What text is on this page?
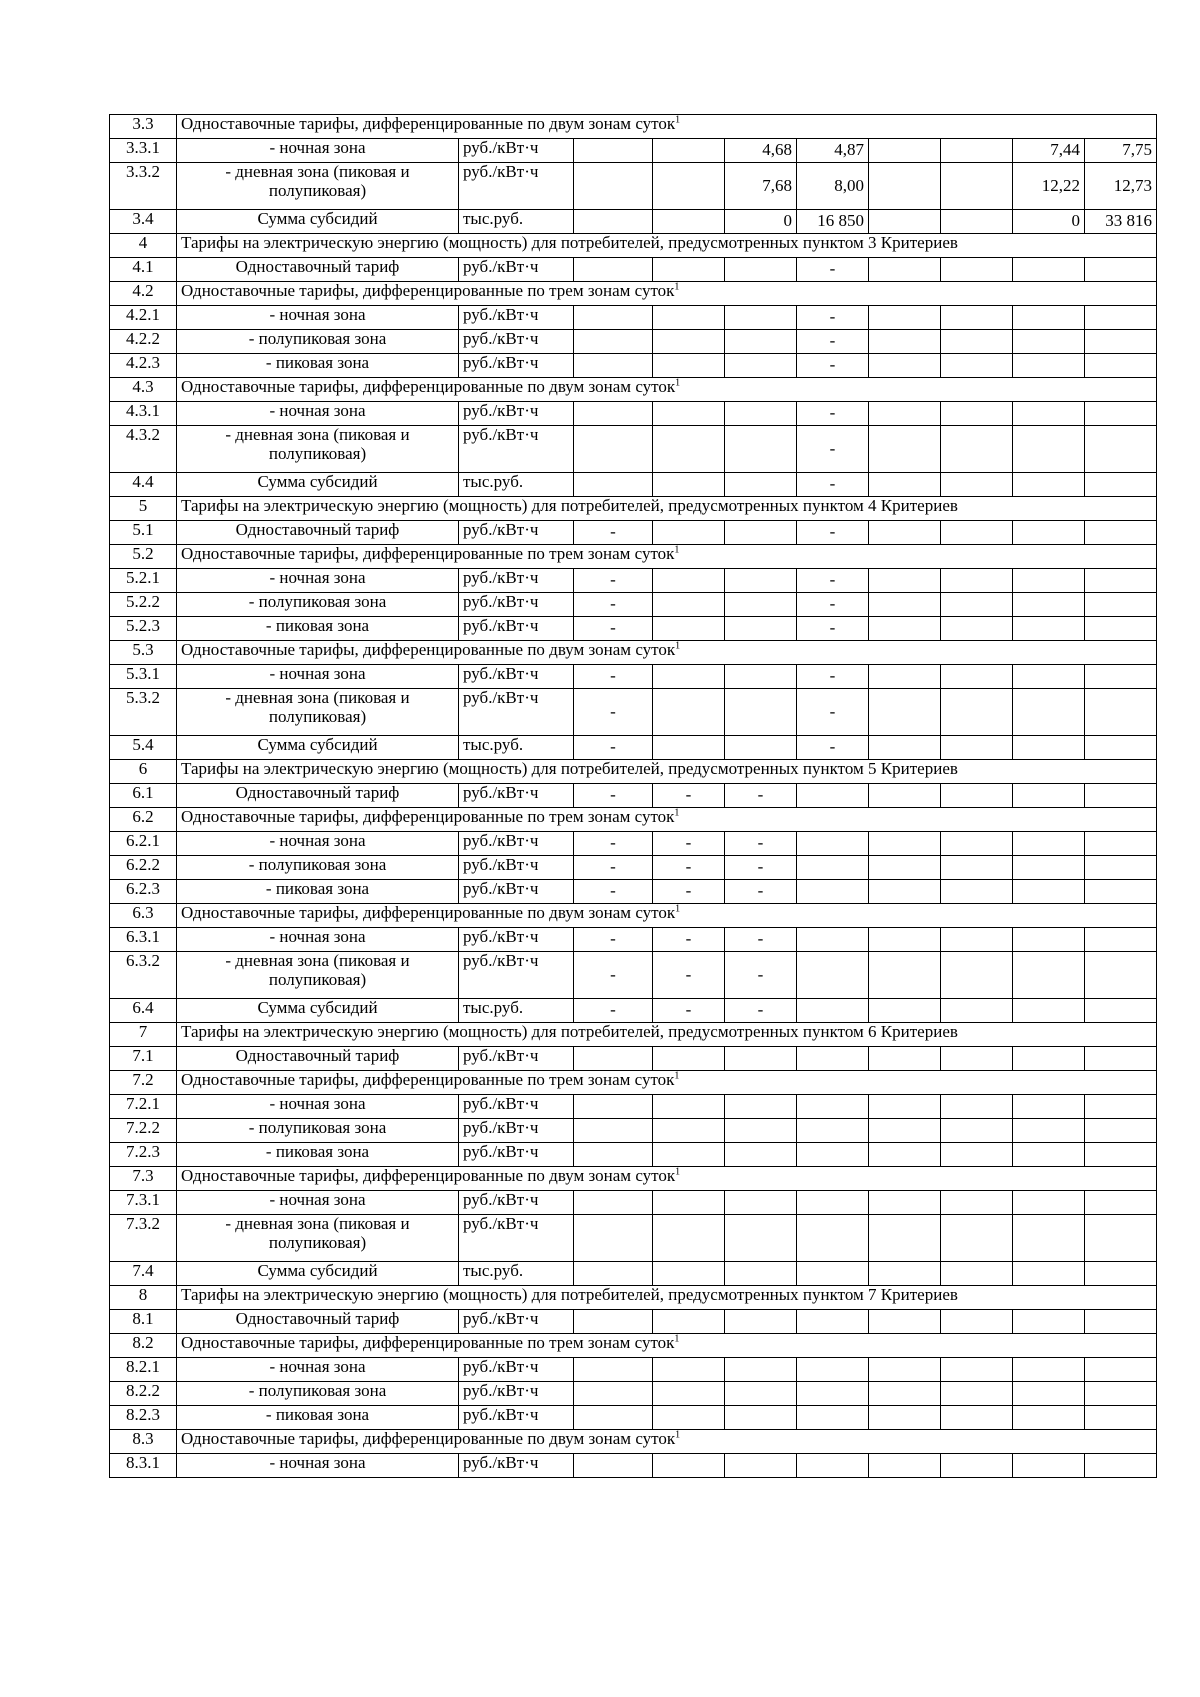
3.3	Одноставочные тарифы, дифференцированные по двум зонам суток$^1$
3.3.1	- ночная зона	руб./кВт·ч			4,68	4,87			7,44	7,75
3.3.2	- дневная зона (пиковая и полупиковая)	руб./кВт·ч			7,68	8,00			12,22	12,73
3.4	Сумма субсидий	тыс.руб.			0	16 850			0	33 816
4	Тарифы на электрическую энергию (мощность) для потребителей, предусмотренных пунктом 3 Критериев									
4.1	Одноставочный тариф	руб./кВт·ч				-				
4.2	Одноставочные тарифы, дифференцированные по трем зонам суток$^1$
4.2.1	- ночная зона	руб./кВт·ч				-				
4.2.2	- полупиковая зона	руб./кВт·ч				-				
4.2.3	- пиковая зона	руб./кВт·ч				-				
4.3	Одноставочные тарифы, дифференцированные по двум зонам суток$^1$
4.3.1	- ночная зона	руб./кВт·ч				-				
4.3.2	- дневная зона (пиковая и полупиковая)	руб./кВт·ч				-				
4.4	Сумма субсидий	тыс.руб.				-				
5	Тарифы на электрическую энергию (мощность) для потребителей, предусмотренных пунктом 4 Критериев									
5.1	Одноставочный тариф	руб./кВт·ч	-			-				
5.2	Одноставочные тарифы, дифференцированные по трем зонам суток$^1$
5.2.1	- ночная зона	руб./кВт·ч	-			-				
5.2.2	- полупиковая зона	руб./кВт·ч	-			-				
5.2.3	- пиковая зона	руб./кВт·ч	-			-				
5.3	Одноставочные тарифы, дифференцированные по двум зонам суток$^1$
5.3.1	- ночная зона	руб./кВт·ч	-			-				
5.3.2	- дневная зона (пиковая и полупиковая)	руб./кВт·ч	-			-				
5.4	Сумма субсидий	тыс.руб.	-			-				
6	Тарифы на электрическую энергию (мощность) для потребителей, предусмотренных пунктом 5 Критериев									
6.1	Одноставочный тариф	руб./кВт·ч	-	-	-					
6.2	Одноставочные тарифы, дифференцированные по трем зонам суток$^1$
6.2.1	- ночная зона	руб./кВт·ч	-	-	-					
6.2.2	- полупиковая зона	руб./кВт·ч	-	-	-					
6.2.3	- пиковая зона	руб./кВт·ч	-	-	-					
6.3	Одноставочные тарифы, дифференцированные по двум зонам суток$^1$
6.3.1	- ночная зона	руб./кВт·ч	-	-	-					
6.3.2	- дневная зона (пиковая и полупиковая)	руб./кВт·ч	-	-	-					
6.4	Сумма субсидий	тыс.руб.	-	-	-					
7	Тарифы на электрическую энергию (мощность) для потребителей, предусмотренных пунктом 6 Критериев									
7.1	Одноставочный тариф	руб./кВт·ч								
7.2	Одноставочные тарифы, дифференцированные по трем зонам суток$^1$
7.2.1	- ночная зона	руб./кВт·ч								
7.2.2	- полупиковая зона	руб./кВт·ч								
7.2.3	- пиковая зона	руб./кВт·ч								
7.3	Одноставочные тарифы, дифференцированные по двум зонам суток$^1$
7.3.1	- ночная зона	руб./кВт·ч								
7.3.2	- дневная зона (пиковая и полупиковая)	руб./кВт·ч								
7.4	Сумма субсидий	тыс.руб.								
8	Тарифы на электрическую энергию (мощность) для потребителей, предусмотренных пунктом 7 Критериев									
8.1	Одноставочный тариф	руб./кВт·ч								
8.2	Одноставочные тарифы, дифференцированные по трем зонам суток$^1$
8.2.1	- ночная зона	руб./кВт·ч								
8.2.2	- полупиковая зона	руб./кВт·ч								
8.2.3	- пиковая зона	руб./кВт·ч								
8.3	Одноставочные тарифы, дифференцированные по двум зонам суток$^1$
8.3.1	- ночная зона	руб./кВт·ч								
